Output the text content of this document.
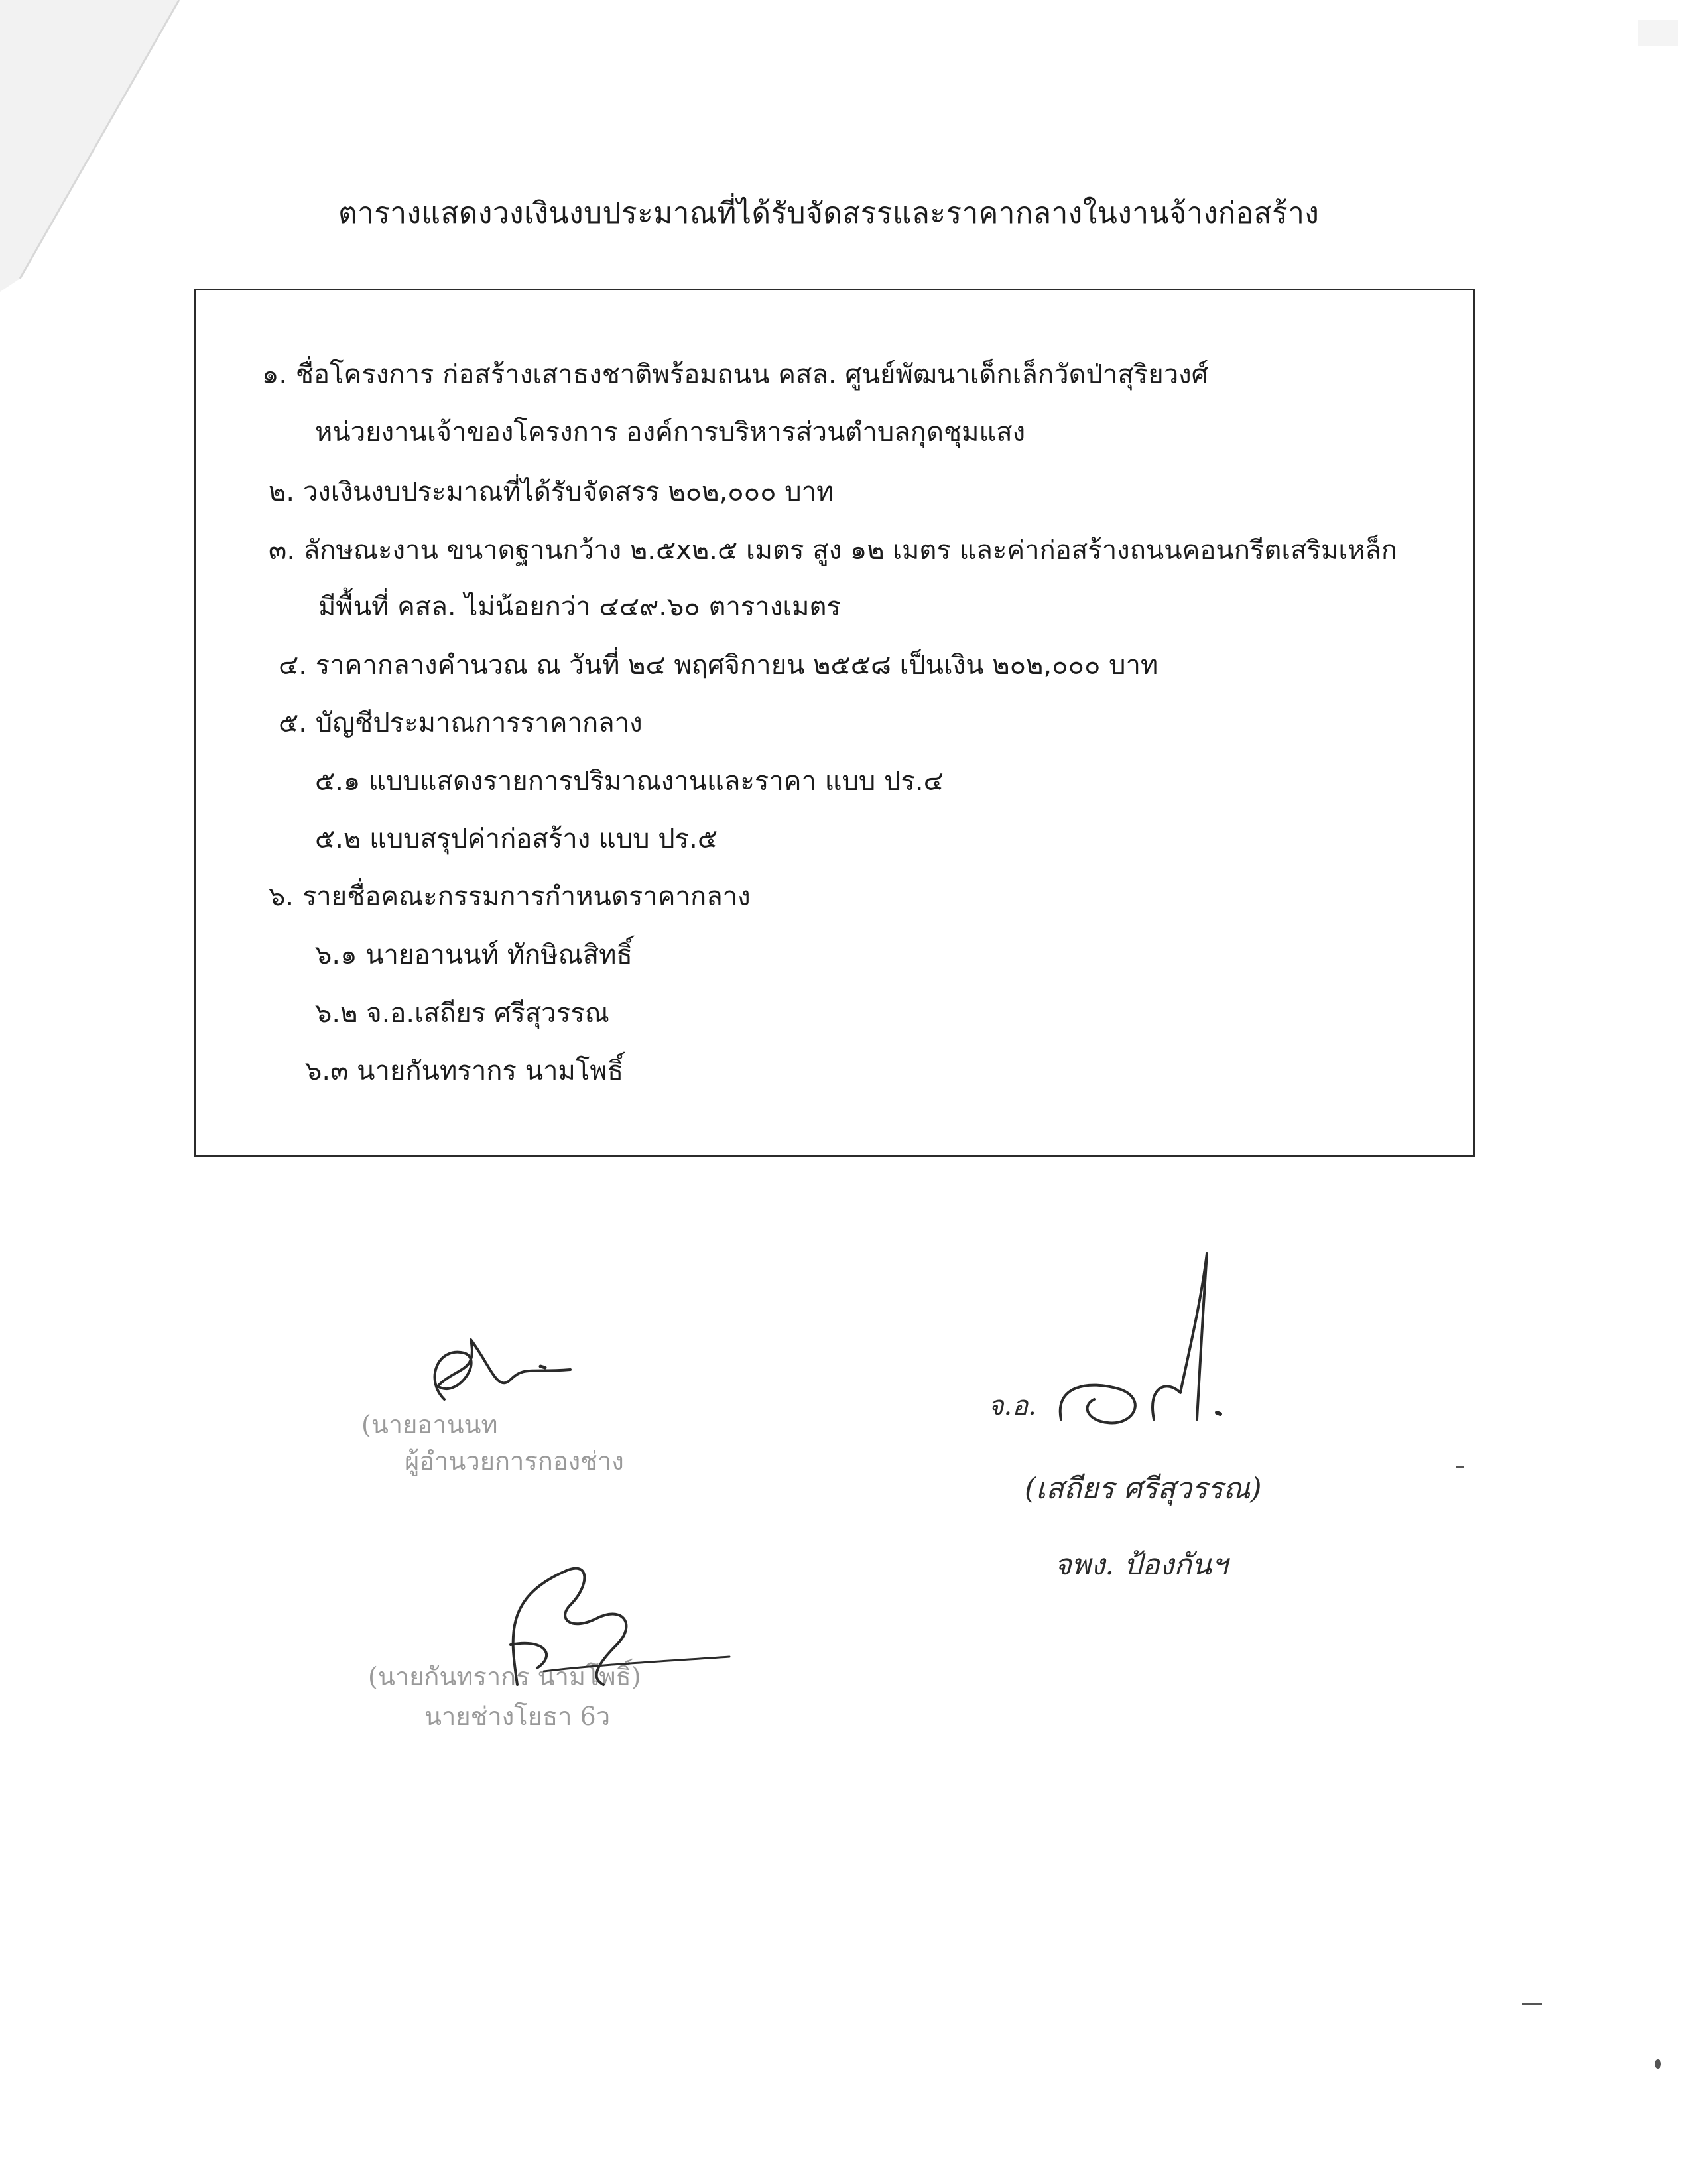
ตารางแสดงวงเงินงบประมาณที่ได้รับจัดสรรและราคากลางในงานจ้างก่อสร้าง
๑. ชื่อโครงการ ก่อสร้างเสาธงชาติพร้อมถนน คสล. ศูนย์พัฒนาเด็กเล็กวัดป่าสุริยวงศ์
หน่วยงานเจ้าของโครงการ องค์การบริหารส่วนตำบลกุดชุมแสง
๒. วงเงินงบประมาณที่ได้รับจัดสรร ๒๐๒,๐๐๐ บาท
๓. ลักษณะงาน ขนาดฐานกว้าง ๒.๕x๒.๕ เมตร สูง ๑๒ เมตร และค่าก่อสร้างถนนคอนกรีตเสริมเหล็ก
มีพื้นที่ คสล. ไม่น้อยกว่า ๔๔๙.๖๐ ตารางเมตร
๔. ราคากลางคำนวณ ณ วันที่ ๒๔ พฤศจิกายน ๒๕๕๘ เป็นเงิน ๒๐๒,๐๐๐ บาท
๕. บัญชีประมาณการราคากลาง
๕.๑ แบบแสดงรายการปริมาณงานและราคา แบบ ปร.๔
๕.๒ แบบสรุปค่าก่อสร้าง แบบ ปร.๕
๖. รายชื่อคณะกรรมการกำหนดราคากลาง
๖.๑ นายอานนท์ ทักษิณสิทธิ์
๖.๒ จ.อ.เสถียร ศรีสุวรรณ
๖.๓ นายกันทรากร นามโพธิ์
(นายอานนท
ผู้อำนวยการกองช่าง
(นายกันทรากร นามโพธิ์)
นายช่างโยธา 6ว
จ.อ.
(เสถียร ศรีสุวรรณ)
จพง. ป้องกันฯ
